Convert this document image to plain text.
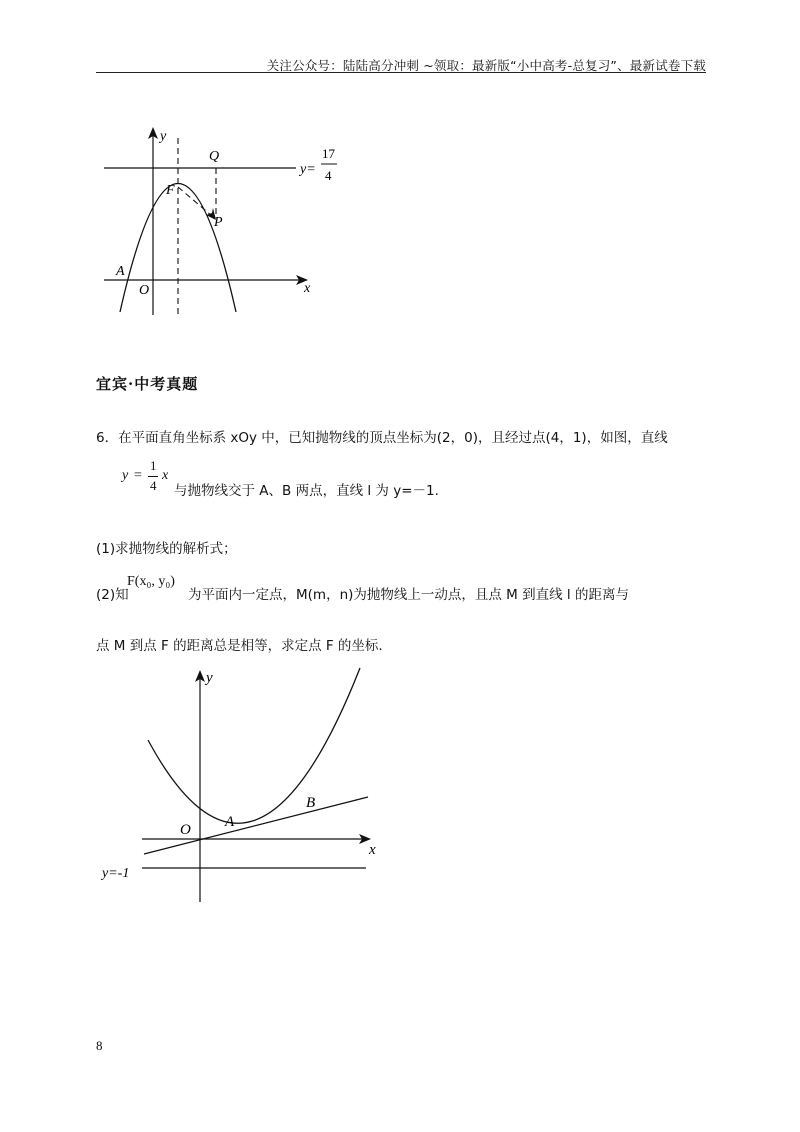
关注公众号：陆陆高分冲刺 ~领取：最新版“小中高考-总复习”、最新试卷下载
y
x
O
A
F
Q
P
y=
17
4
宜宾·中考真题
6．在平面直角坐标系 xOy 中，已知抛物线的顶点坐标为(2，0)，且经过点(4，1)，如图，直线
y =
1
4
x
与抛物线交于 A、B 两点，直线 l 为 y=－1.
(1)求抛物线的解析式；
(2)知
F(x₀, y₀)
为平面内一定点，M(m，n)为抛物线上一动点，且点 M 到直线 l 的距离与
点 M 到点 F 的距离总是相等，求定点 F 的坐标.
y
x
O A
B
y=-1
8
